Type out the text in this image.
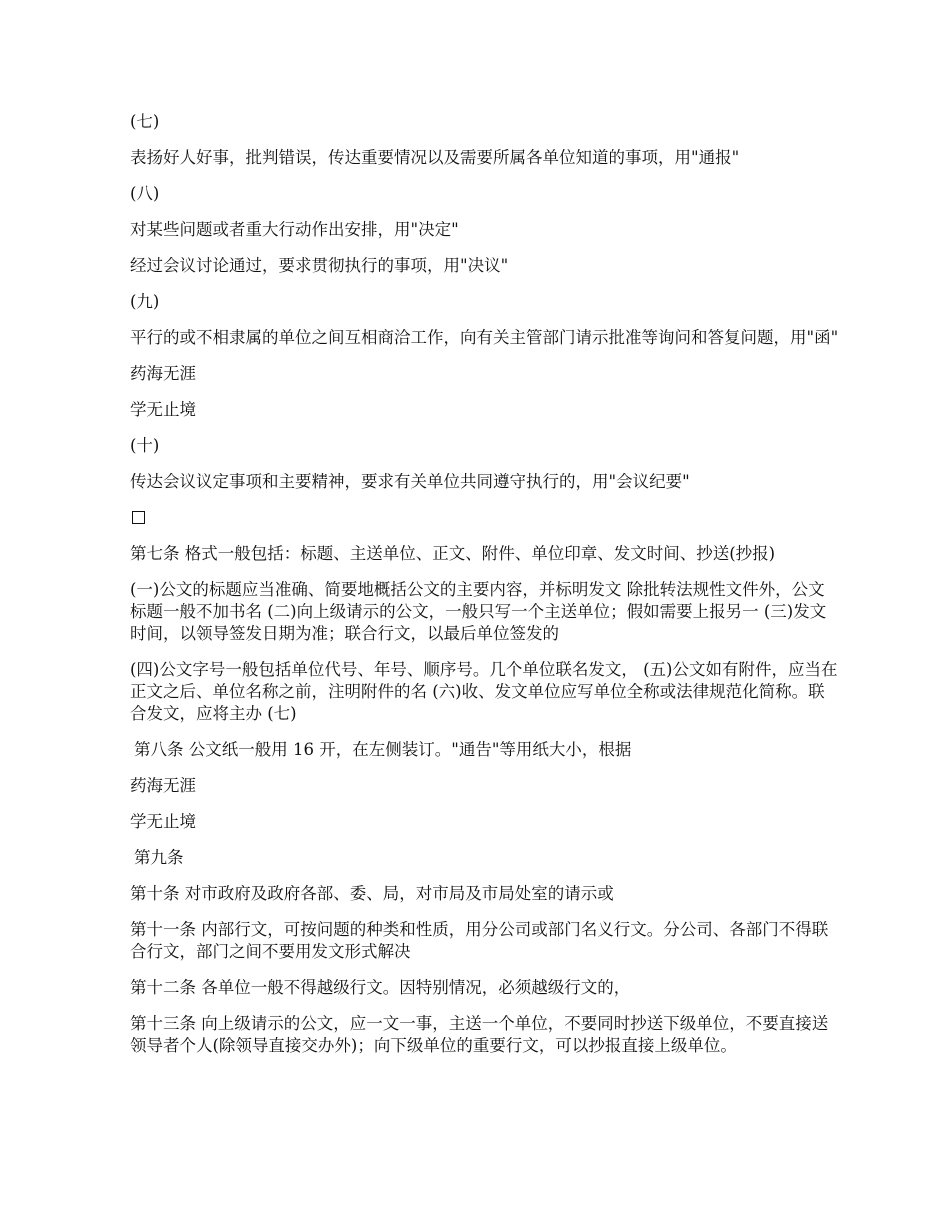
(七)

表扬好人好事，批判错误，传达重要情况以及需要所属各单位知道的事项，用"通报"

(八)

对某些问题或者重大行动作出安排，用"决定"

经过会议讨论通过，要求贯彻执行的事项，用"决议"

(九)

平行的或不相隶属的单位之间互相商洽工作，向有关主管部门请示批准等询问和答复问题，用"函"

药海无涯

学无止境

(十)

传达会议议定事项和主要精神，要求有关单位共同遵守执行的，用"会议纪要"

第七条 格式一般包括：标题、主送单位、正文、附件、单位印章、发文时间、抄送(抄报)

(一)公文的标题应当准确、简要地概括公文的主要内容，并标明发文 除批转法规性文件外，公文标题一般不加书名 (二)向上级请示的公文，一般只写一个主送单位；假如需要上报另一 (三)发文时间，以领导签发日期为准；联合行文，以最后单位签发的

(四)公文字号一般包括单位代号、年号、顺序号。几个单位联名发文， (五)公文如有附件，应当在正文之后、单位名称之前，注明附件的名 (六)收、发文单位应写单位全称或法律规范化简称。联合发文，应将主办 (七)

第八条 公文纸一般用 16 开，在左侧装订。"通告"等用纸大小，根据

药海无涯

学无止境

第九条

第十条 对市政府及政府各部、委、局，对市局及市局处室的请示或

第十一条 内部行文，可按问题的种类和性质，用分公司或部门名义行文。分公司、各部门不得联合行文，部门之间不要用发文形式解决

第十二条 各单位一般不得越级行文。因特别情况，必须越级行文的，

第十三条 向上级请示的公文，应一文一事，主送一个单位，不要同时抄送下级单位，不要直接送领导者个人(除领导直接交办外)；向下级单位的重要行文，可以抄报直接上级单位。
